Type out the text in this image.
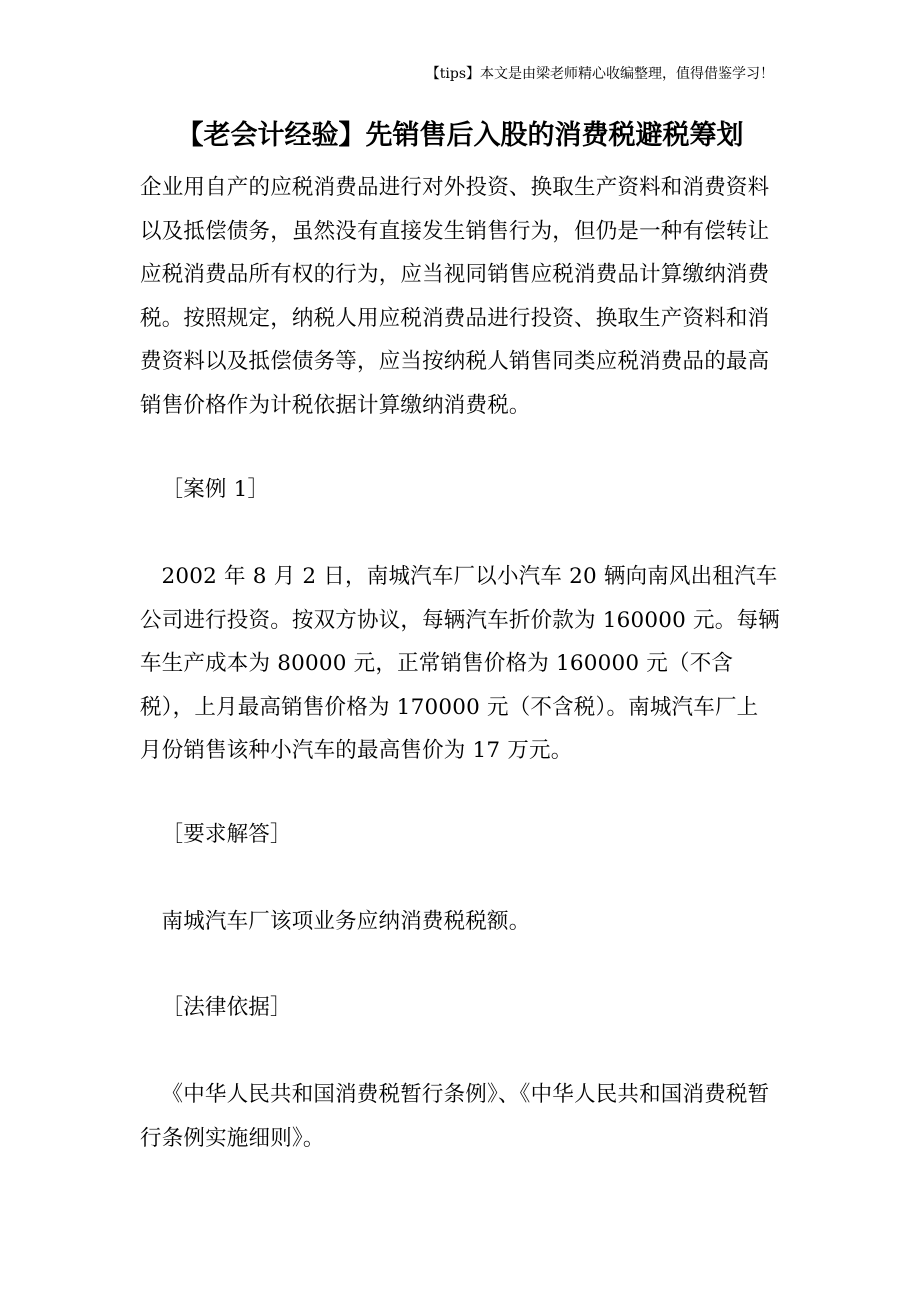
【tips】本文是由梁老师精心收编整理，值得借鉴学习！
【老会计经验】先销售后入股的消费税避税筹划

企业用自产的应税消费品进行对外投资、换取生产资料和消费资料以及抵偿债务，虽然没有直接发生销售行为，但仍是一种有偿转让应税消费品所有权的行为，应当视同销售应税消费品计算缴纳消费税。按照规定，纳税人用应税消费品进行投资、换取生产资料和消费资料以及抵偿债务等，应当按纳税人销售同类应税消费品的最高销售价格作为计税依据计算缴纳消费税。

［案例 1］

2002 年 8 月 2 日，南城汽车厂以小汽车 20 辆向南风出租汽车公司进行投资。按双方协议，每辆汽车折价款为 160000 元。每辆车生产成本为 80000 元，正常销售价格为 160000 元（不含税），上月最高销售价格为 170000 元（不含税）。南城汽车厂上月份销售该种小汽车的最高售价为 17 万元。

［要求解答］

南城汽车厂该项业务应纳消费税税额。

［法律依据］

《中华人民共和国消费税暂行条例》、《中华人民共和国消费税暂行条例实施细则》。
